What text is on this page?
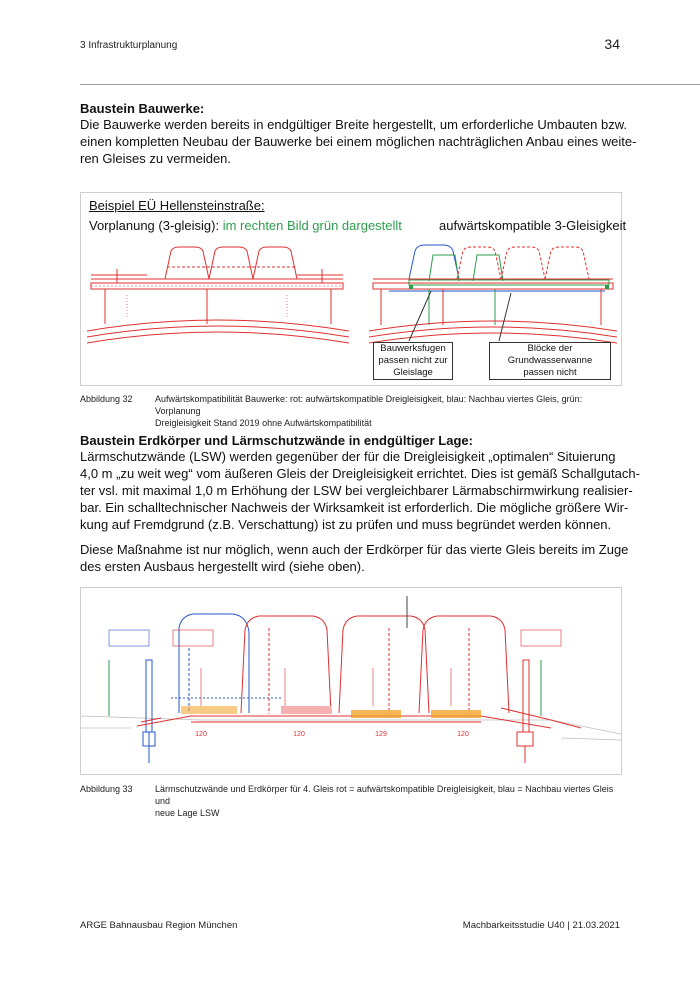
3 Infrastrukturplanung	34
Baustein Bauwerke:
Die Bauwerke werden bereits in endgültiger Breite hergestellt, um erforderliche Umbauten bzw.
einen kompletten Neubau der Bauwerke bei einem möglichen nachträglichen Anbau eines weite-
ren Gleises zu vermeiden.
Beispiel EÜ Hellensteinstraße:
Vorplanung (3-gleisig): im rechten Bild grün dargestellt	aufwärtskompatible 3-Gleisigkeit
Bauwerksfugen
passen nicht zur
Gleislage
Blöcke der
Grundwasserwanne
passen nicht
Abbildung 32 Aufwärtskompatibilität Bauwerke: rot: aufwärtskompatible Dreigleisigkeit, blau: Nachbau viertes Gleis, grün: Vorplanung
Dreigleisigkeit Stand 2019 ohne Aufwärtskompatibilität
Baustein Erdkörper und Lärmschutzwände in endgültiger Lage:
Lärmschutzwände (LSW) werden gegenüber der für die Dreigleisigkeit „optimalen“ Situierung
4,0 m „zu weit weg“ vom äußeren Gleis der Dreigleisigkeit errichtet. Dies ist gemäß Schallgutach-
ter vsl. mit maximal 1,0 m Erhöhung der LSW bei vergleichbarer Lärmabschirmwirkung realisier-
bar. Ein schalltechnischer Nachweis der Wirksamkeit ist erforderlich. Die mögliche größere Wir-
kung auf Fremdgrund (z.B. Verschattung) ist zu prüfen und muss begründet werden können.
Diese Maßnahme ist nur möglich, wenn auch der Erdkörper für das vierte Gleis bereits im Zuge
des ersten Ausbaus hergestellt wird (siehe oben).
120	120	129	120
Abbildung 33 Lärmschutzwände und Erdkörper für 4. Gleis rot = aufwärtskompatible Dreigleisigkeit, blau = Nachbau viertes Gleis und
neue Lage LSW
ARGE Bahnausbau Region München	Machbarkeitsstudie U40 | 21.03.2021
